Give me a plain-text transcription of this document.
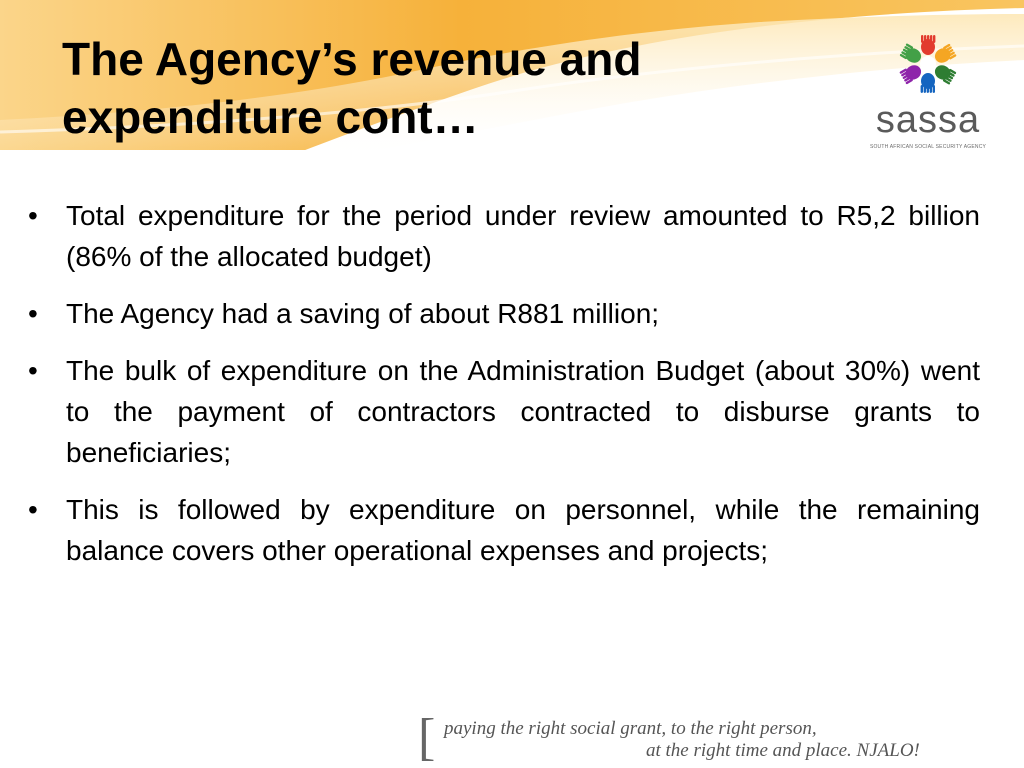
The Agency’s revenue and
expenditure cont…	sassa
SOUTH AFRICAN SOCIAL SECURITY AGENCY
•	Total expenditure for the period under review amounted to R5,2 billion (86% of the allocated budget)
•	The Agency had a saving of about R881 million;
•	The bulk of expenditure on the Administration Budget (about 30%) went to the payment of contractors contracted to disburse grants to beneficiaries;
•	This is followed by expenditure on personnel, while the remaining balance covers other operational expenses and projects;
[ paying the right social grant, to the right person,
at the right time and place. NJALO!
